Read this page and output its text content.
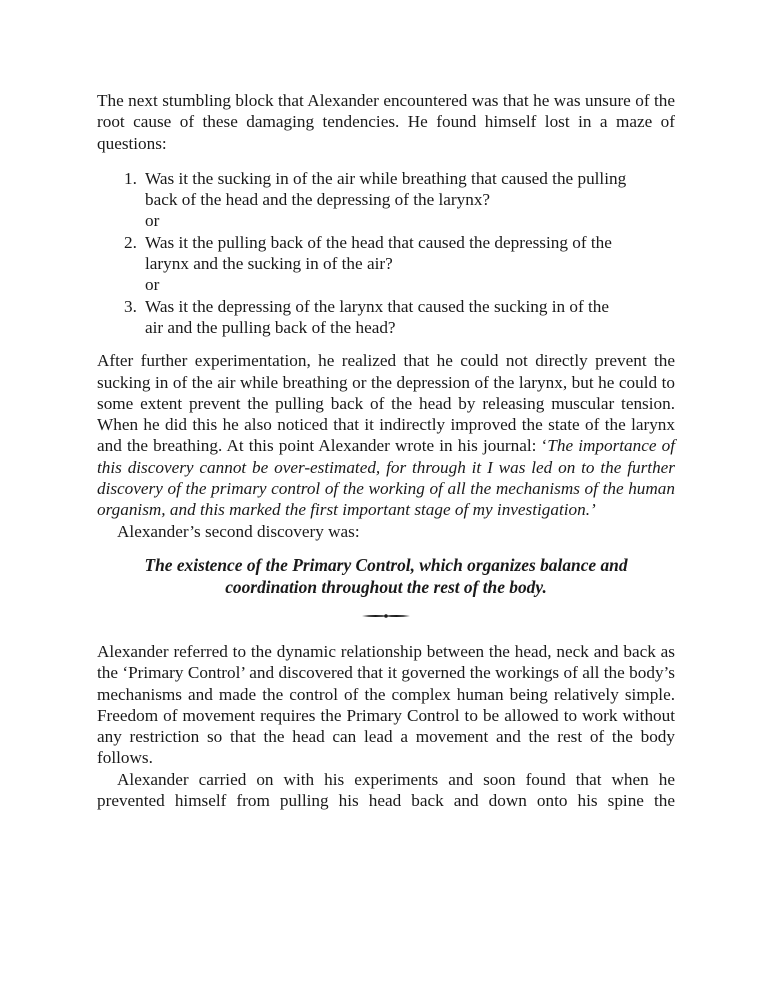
The next stumbling block that Alexander encountered was that he was unsure of the root cause of these damaging tendencies. He found himself lost in a maze of questions:

1. Was it the sucking in of the air while breathing that caused the pulling back of the head and the depressing of the larynx?
or
2. Was it the pulling back of the head that caused the depressing of the larynx and the sucking in of the air?
or
3. Was it the depressing of the larynx that caused the sucking in of the air and the pulling back of the head?

After further experimentation, he realized that he could not directly prevent the sucking in of the air while breathing or the depression of the larynx, but he could to some extent prevent the pulling back of the head by releasing muscular tension. When he did this he also noticed that it indirectly improved the state of the larynx and the breathing. At this point Alexander wrote in his journal: ‘The importance of this discovery cannot be over-estimated, for through it I was led on to the further discovery of the primary control of the working of all the mechanisms of the human organism, and this marked the first important stage of my investigation.’

Alexander’s second discovery was:

The existence of the Primary Control, which organizes balance and
coordination throughout the rest of the body.

Alexander referred to the dynamic relationship between the head, neck and back as the ‘Primary Control’ and discovered that it governed the workings of all the body’s mechanisms and made the control of the complex human being relatively simple. Freedom of movement requires the Primary Control to be allowed to work without any restriction so that the head can lead a movement and the rest of the body follows.

Alexander carried on with his experiments and soon found that when he prevented himself from pulling his head back and down onto his spine the
